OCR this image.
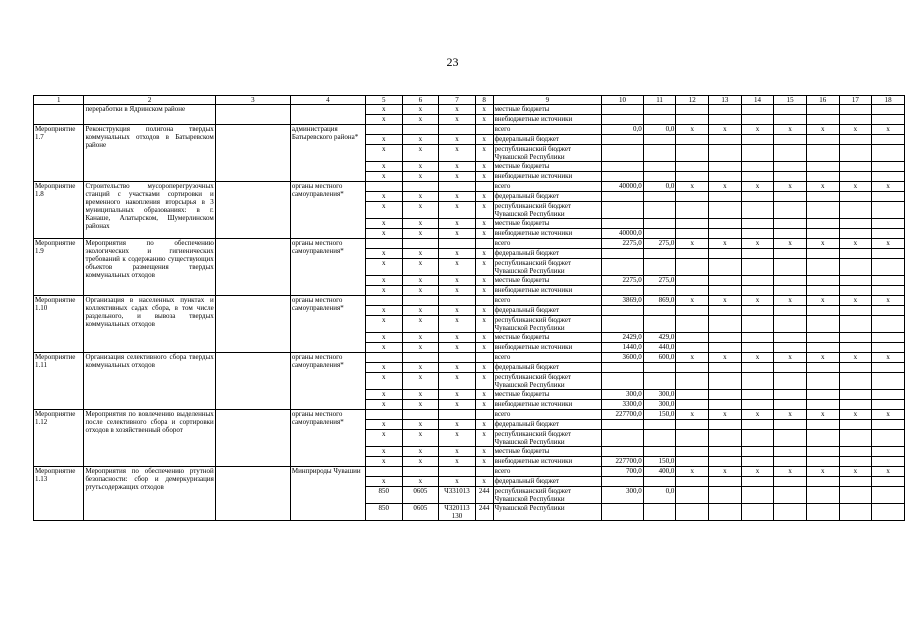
23
1	2	3	4	5	6	7	8	9	10	11	12	13	14	15	16	17	18
	переработки в Ядринском районе			x	x	x	x	местные бюджеты									
				x	x	x	x	внебюджетные источники									
Мероприятие 1.7	Реконструкция полигона твердых коммунальных отходов в Батыревском районе		администрация Батыревского района*					всего	0,0	0,0	x	x	x	x	x	x	x
				x	x	x	x	федеральный бюджет									
				x	x	x	x	республиканский бюджет Чувашской Республики									
				x	x	x	x	местные бюджеты									
				x	x	x	x	внебюджетные источники									
Мероприятие 1.8	Строительство мусороперегрузочных станций с участками сортировки и временного накопления вторсырья в 3 муниципальных образованиях: в г. Канаше, Алатырском, Шумерлинском районах		органы местного самоуправления*					всего	40000,0	0,0	x	x	x	x	x	x	x
				x	x	x	x	федеральный бюджет									
				x	x	x	x	республиканский бюджет Чувашской Республики									
				x	x	x	x	местные бюджеты									
				x	x	x	x	внебюджетные источники	40000,0								
Мероприятие 1.9	Мероприятия по обеспечению экологических и гигиенических требований к содержанию существующих объектов размещения твердых коммунальных отходов		органы местного самоуправления*					всего	2275,0	275,0	x	x	x	x	x	x	x
				x	x	x	x	федеральный бюджет									
				x	x	x	x	республиканский бюджет Чувашской Республики									
				x	x	x	x	местные бюджеты	2275,0	275,0							
				x	x	x	x	внебюджетные источники									
Мероприятие 1.10	Организация в населенных пунктах и коллективных садах сбора, в том числе раздельного, и вывоза твердых коммунальных отходов		органы местного самоуправления*					всего	3869,0	869,0	x	x	x	x	x	x	x
				x	x	x	x	федеральный бюджет									
				x	x	x	x	республиканский бюджет Чувашской Республики									
				x	x	x	x	местные бюджеты	2429,0	429,0							
				x	x	x	x	внебюджетные источники	1440,0	440,0							
Мероприятие 1.11	Организация селективного сбора твердых коммунальных отходов		органы местного самоуправления*					всего	3600,0	600,0	x	x	x	x	x	x	x
				x	x	x	x	федеральный бюджет									
				x	x	x	x	республиканский бюджет Чувашской Республики									
				x	x	x	x	местные бюджеты	300,0	300,0							
				x	x	x	x	внебюджетные источники	3300,0	300,0							
Мероприятие 1.12	Мероприятия по вовлечению выделенных после селективного сбора и сортировки отходов в хозяйственный оборот		органы местного самоуправления*					всего	227700,0	150,0	x	x	x	x	x	x	x
				x	x	x	x	федеральный бюджет									
				x	x	x	x	республиканский бюджет Чувашской Республики									
				x	x	x	x	местные бюджеты									
				x	x	x	x	внебюджетные источники	227700,0	150,0							
Мероприятие 1.13	Мероприятия по обеспечению ртутной безопасности: сбор и демеркуризация ртутьсодержащих отходов		Минприроды Чувашии					всего	700,0	400,0	x	x	x	x	x	x	x
				x	x	x	x	федеральный бюджет									
				850	0605	Ч331013	244	республиканский бюджет Чувашской Республики	300,0	0,0							
				850	0605	Ч320113 130	244	Чувашской Республики									
